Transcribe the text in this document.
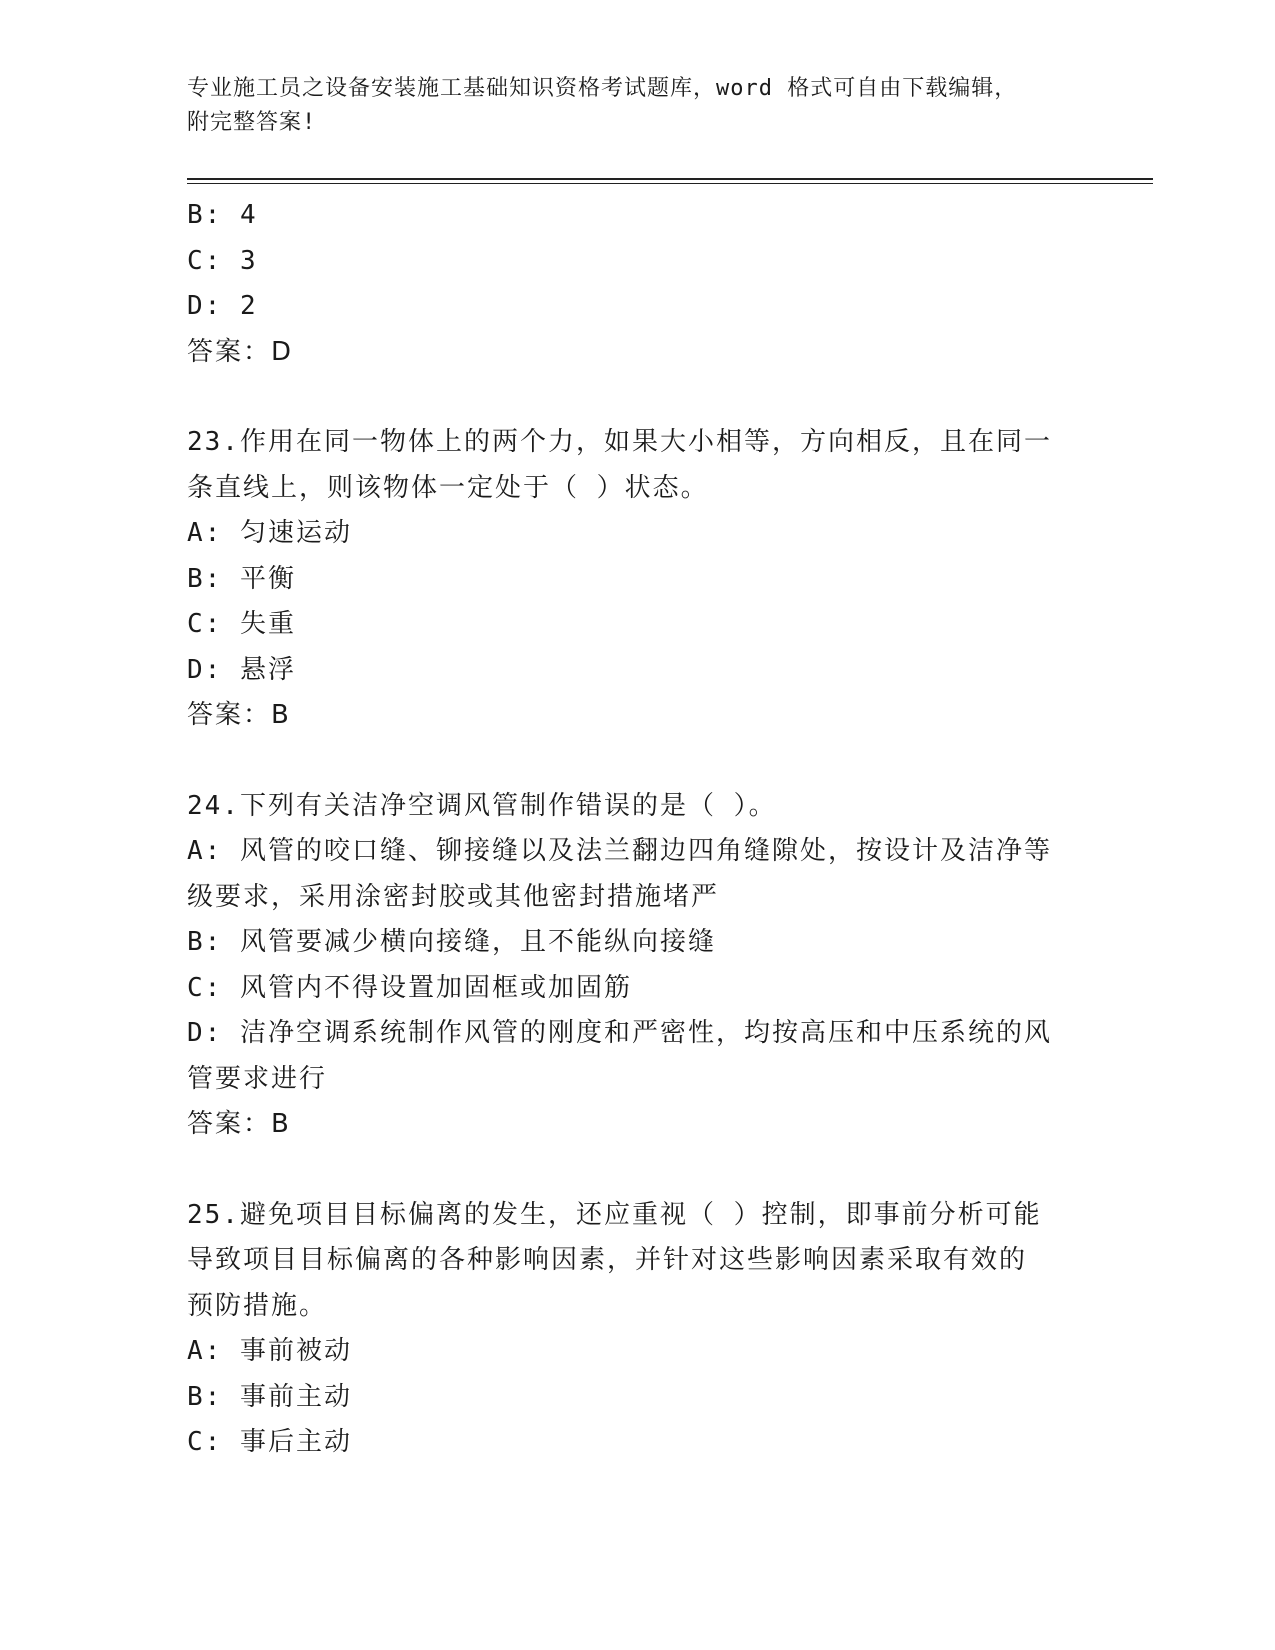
专业施工员之设备安装施工基础知识资格考试题库，word 格式可自由下载编辑，
附完整答案!

B: 4

C: 3

D: 2

答案：D

23.作用在同一物体上的两个力，如果大小相等，方向相反，且在同一

条直线上，则该物体一定处于（ ）状态。

A: 匀速运动

B: 平衡

C: 失重

D: 悬浮

答案：B

24.下列有关洁净空调风管制作错误的是（ ）。

A: 风管的咬口缝、铆接缝以及法兰翻边四角缝隙处，按设计及洁净等

级要求，采用涂密封胶或其他密封措施堵严

B: 风管要减少横向接缝，且不能纵向接缝

C: 风管内不得设置加固框或加固筋

D: 洁净空调系统制作风管的刚度和严密性，均按高压和中压系统的风

管要求进行

答案：B

25.避免项目目标偏离的发生，还应重视（ ）控制，即事前分析可能

导致项目目标偏离的各种影响因素，并针对这些影响因素采取有效的

预防措施。

A: 事前被动

B: 事前主动

C: 事后主动
